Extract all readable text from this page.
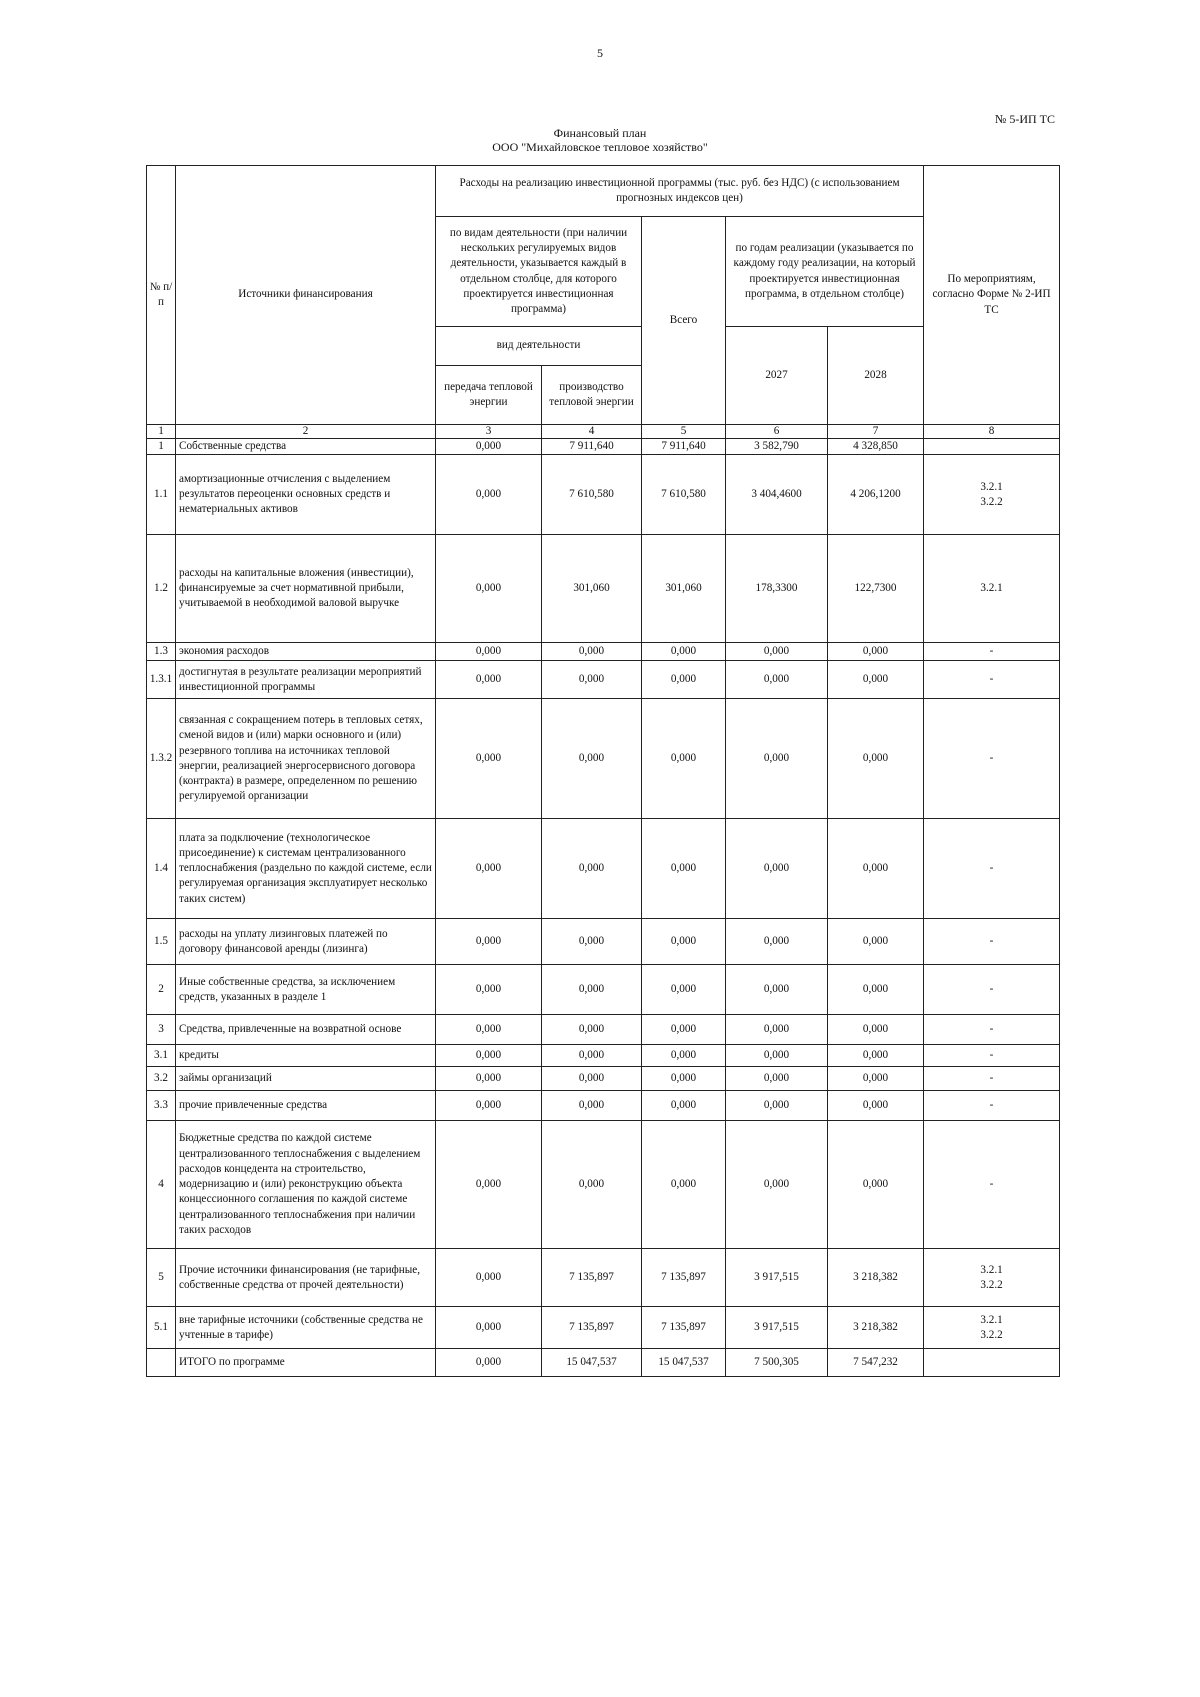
5
№ 5-ИП ТС
Финансовый план
ООО "Михайловское тепловое хозяйство"
№ п/п	Источники финансирования	Расходы на реализацию инвестиционной программы (тыс. руб. без НДС) (с использованием прогнозных индексов цен)					По мероприятиям, согласно Форме № 2-ИП ТС
		по видам деятельности (при наличии нескольких регулируемых видов деятельности, указывается каждый в отдельном столбце, для которого проектируется инвестиционная программа)		Всего	по годам реализации (указывается по каждому году реализации, на который проектируется инвестиционная программа, в отдельном столбце)		
		вид деятельности			2027	2028	
		передача тепловой энергии	производство тепловой энергии				
1	2	3	4	5	6	7	8
1	Собственные средства	0,000	7 911,640	7 911,640	3 582,790	4 328,850	
1.1	амортизационные отчисления с выделением результатов переоценки основных средств и нематериальных активов	0,000	7 610,580	7 610,580	3 404,4600	4 206,1200	3.2.1
3.2.2
1.2	расходы на капитальные вложения (инвестиции), финансируемые за счет нормативной прибыли, учитываемой в необходимой валовой выручке	0,000	301,060	301,060	178,3300	122,7300	3.2.1
1.3	экономия расходов	0,000	0,000	0,000	0,000	0,000	-
1.3.1	достигнутая в результате реализации мероприятий инвестиционной программы	0,000	0,000	0,000	0,000	0,000	-
1.3.2	связанная с сокращением потерь в тепловых сетях, сменой видов и (или) марки основного и (или) резервного топлива на источниках тепловой энергии, реализацией энергосервисного договора (контракта) в размере, определенном по решению регулируемой организации	0,000	0,000	0,000	0,000	0,000	-
1.4	плата за подключение (технологическое присоединение) к системам централизованного теплоснабжения (раздельно по каждой системе, если регулируемая организация эксплуатирует несколько таких систем)	0,000	0,000	0,000	0,000	0,000	-
1.5	расходы на уплату лизинговых платежей по договору финансовой аренды (лизинга)	0,000	0,000	0,000	0,000	0,000	-
2	Иные собственные средства, за исключением средств, указанных в разделе 1	0,000	0,000	0,000	0,000	0,000	-
3	Средства, привлеченные на возвратной основе	0,000	0,000	0,000	0,000	0,000	-
3.1	кредиты	0,000	0,000	0,000	0,000	0,000	-
3.2	займы организаций	0,000	0,000	0,000	0,000	0,000	-
3.3	прочие привлеченные средства	0,000	0,000	0,000	0,000	0,000	-
4	Бюджетные средства по каждой системе централизованного теплоснабжения с выделением расходов концедента на строительство, модернизацию и (или) реконструкцию объекта концессионного соглашения по каждой системе централизованного теплоснабжения при наличии таких расходов	0,000	0,000	0,000	0,000	0,000	-
5	Прочие источники финансирования (не тарифные, собственные средства от прочей деятельности)	0,000	7 135,897	7 135,897	3 917,515	3 218,382	3.2.1
3.2.2
5.1	вне тарифные источники (собственные средства не учтенные в тарифе)	0,000	7 135,897	7 135,897	3 917,515	3 218,382	3.2.1
3.2.2
	ИТОГО по программе	0,000	15 047,537	15 047,537	7 500,305	7 547,232	
